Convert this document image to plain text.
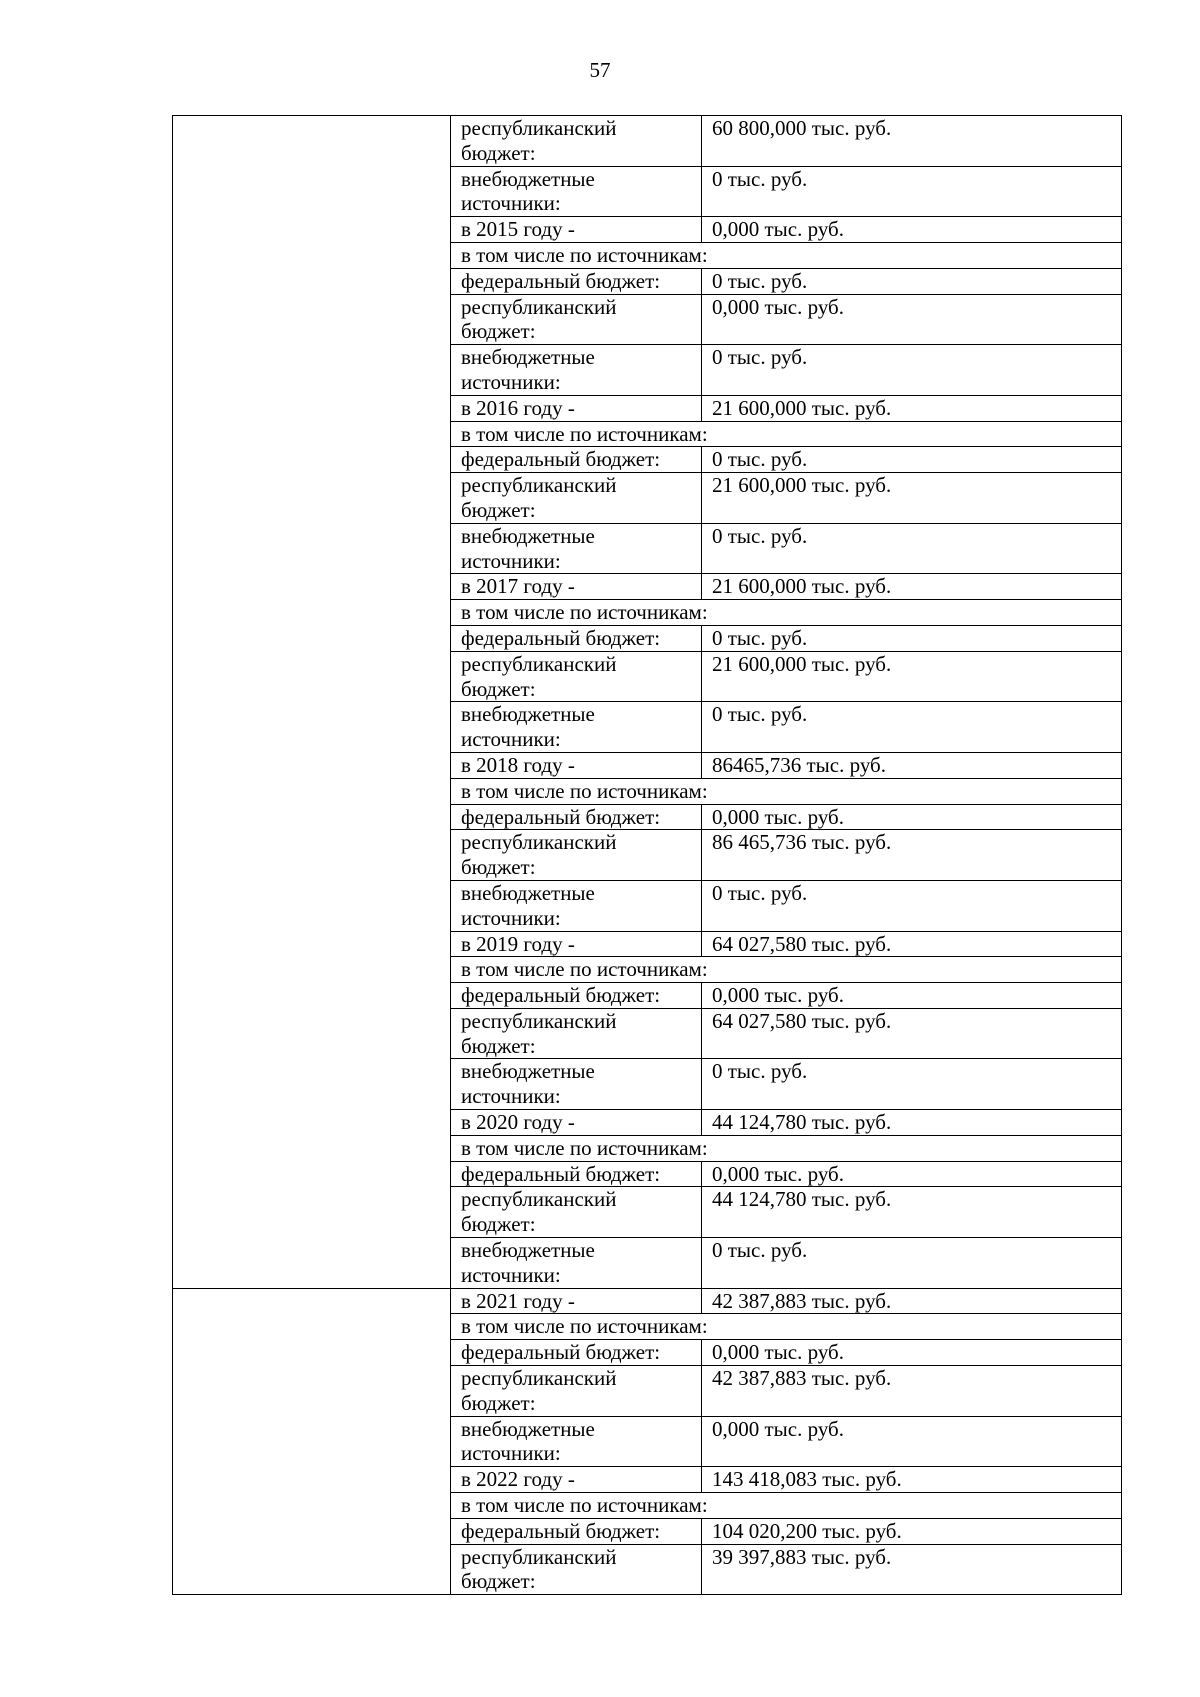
57

	республиканский
бюджет:	60 800,000 тыс. руб.

	внебюджетные
источники:	0 тыс. руб.

	в 2015 году -	0,000 тыс. руб.
	в том числе по источникам:	

	федеральный бюджет:	0 тыс. руб.

	республиканский
бюджет:	0,000 тыс. руб.

	внебюджетные
источники:	0 тыс. руб.

	в 2016 году -	21 600,000 тыс. руб.
	в том числе по источникам:	

	федеральный бюджет:	0 тыс. руб.

	республиканский
бюджет:	21 600,000 тыс. руб.

	внебюджетные
источники:	0 тыс. руб.

	в 2017 году -	21 600,000 тыс. руб.
	в том числе по источникам:	

	федеральный бюджет:	0 тыс. руб.

	республиканский
бюджет:	21 600,000 тыс. руб.

	внебюджетные
источники:	0 тыс. руб.

	в 2018 году -	86465,736 тыс. руб.
	в том числе по источникам:	

	федеральный бюджет:	0,000 тыс. руб.

	республиканский
бюджет:	86 465,736 тыс. руб.

	внебюджетные
источники:	0 тыс. руб.

	в 2019 году -	64 027,580 тыс. руб.
	в том числе по источникам:	

	федеральный бюджет:	0,000 тыс. руб.

	республиканский
бюджет:	64 027,580 тыс. руб.

	внебюджетные
источники:	0 тыс. руб.

	в 2020 году -	44 124,780 тыс. руб.
	в том числе по источникам:	

	федеральный бюджет:	0,000 тыс. руб.

	республиканский
бюджет:	44 124,780 тыс. руб.

	внебюджетные
источники:	0 тыс. руб.

	в 2021 году -	42 387,883 тыс. руб.
	в том числе по источникам:	

	федеральный бюджет:	0,000 тыс. руб.

	республиканский
бюджет:	42 387,883 тыс. руб.

	внебюджетные
источники:	0,000 тыс. руб.

	в 2022 году -	143 418,083 тыс. руб.
	в том числе по источникам:	

	федеральный бюджет:	104 020,200 тыс. руб.

	республиканский
бюджет:	39 397,883 тыс. руб.
